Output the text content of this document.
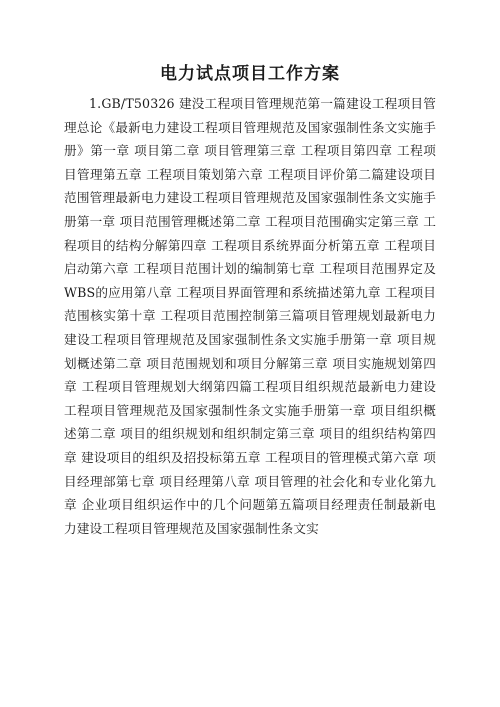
电力试点项目工作方案

1.GB/T50326 建没工程项目管理规范第一篇建设工程项目管理总论《最新电力建设工程项目管理规范及国家强制性条文实施手册》第一章 项目第二章 项目管理第三章 工程项目第四章 工程项目管理第五章 工程项目策划第六章 工程项目评价第二篇建设项目范围管理最新电力建设工程项目管理规范及国家强制性条文实施手册第一章 项目范围管理概述第二章 工程项目范围确实定第三章 工程项目的结构分解第四章 工程项目系统界面分析第五章 工程项目启动第六章 工程项目范围计划的编制第七章 工程项目范围界定及WBS的应用第八章 工程项目界面管理和系统描述第九章 工程项目范围核实第十章 工程项目范围控制第三篇项目管理规划最新电力建设工程项目管理规范及国家强制性条文实施手册第一章 项目规划概述第二章 项目范围规划和项目分解第三章 项目实施规划第四章 工程项目管理规划大纲第四篇工程项目组织规范最新电力建设工程项目管理规范及国家强制性条文实施手册第一章 项目组织概述第二章 项目的组织规划和组织制定第三章 项目的组织结构第四章 建设项目的组织及招投标第五章 工程项目的管理模式第六章 项目经理部第七章 项目经理第八章 项目管理的社会化和专业化第九章 企业项目组织运作中的几个问题第五篇项目经理责任制最新电力建设工程项目管理规范及国家强制性条文实
